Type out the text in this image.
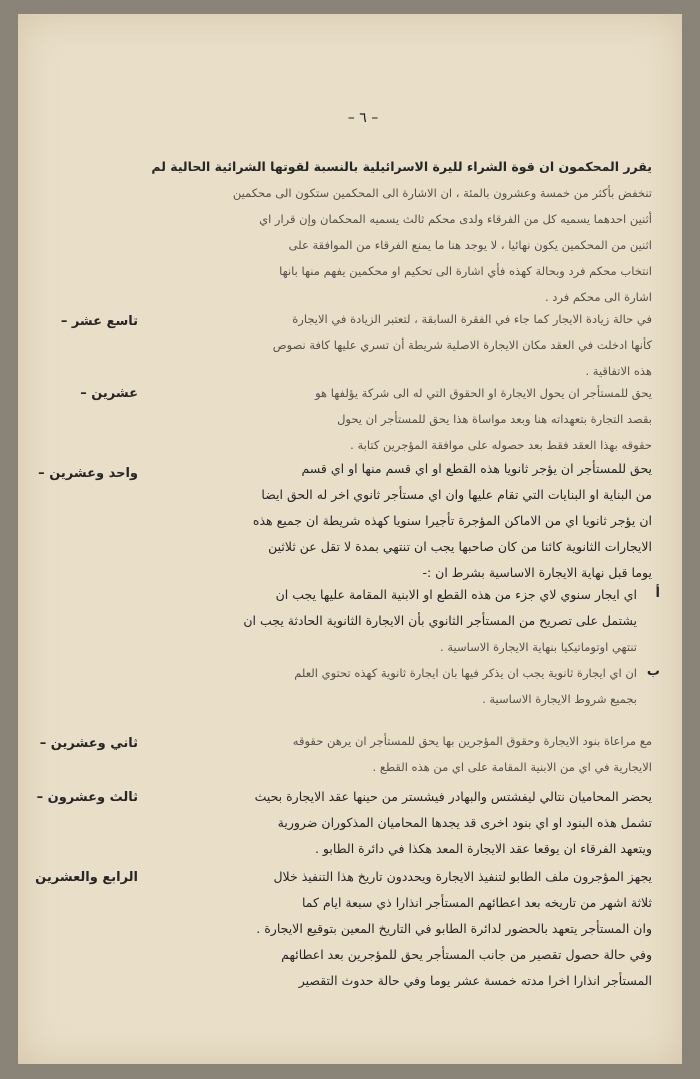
– ٦ –

يقرر المحكمون ان قوة الشراء لليرة الاسرائيلية بالنسبة لقوتها الشرائية الحالية لم

تنخفض بأكثر من خمسة وعشرون بالمئة ، ان الاشارة الى المحكمين ستكون الى محكمين

أثنين احدهما يسميه كل من الفرقاء ولدى محكم ثالث يسميه المحكمان وإن قرار اي

اثنين من المحكمين يكون نهائيا ، لا يوجد هنا ما يمنع الفرقاء من الموافقة على

انتخاب محكم فرد وبحالة كهذه فأي اشارة الى تحكيم او محكمين يفهم منها بانها

اشارة الى محكم فرد .

تاسع عشر –	في حالة زيادة الايجار كما جاء في الفقرة السابقة ، لتعتبر الزيادة في الايجارة

كأنها ادخلت في العقد مكان الايجارة الاصلية شريطة أن تسري عليها كافة نصوص

هذه الاتفاقية .

عشرين –	يحق للمستأجر ان يحول الايجارة او الحقوق التي له الى شركة يؤلفها هو

بقصد التجارة بتعهداته هنا وبعد مواساة هذا يحق للمستأجر ان يحول

حقوقه بهذا العقد فقط بعد حصوله على موافقة المؤجرين كتابة .

واحد وعشرين –	يحق للمستأجر ان يؤجر ثانويا هذه القطع او اي قسم منها او اي قسم

من البناية او البنايات التي تقام عليها وان اي مستأجر ثانوي اخر له الحق ايضا

ان يؤجر ثانويا اي من الاماكن المؤجرة تأجيرا سنويا كهذه شريطة ان جميع هذه

الايجارات الثانوية كائنا من كان صاحبها يجب ان تنتهي بمدة لا تقل عن ثلاثين

يوما قبل نهاية الايجارة الاساسية بشرط ان :-

أ

اي ايجار سنوي لاي جزء من هذه القطع او الابنية المقامة عليها يجب ان

يشتمل على تصريح من المستأجر الثانوي بأن الايجارة الثانوية الحادثة يجب ان

تنتهي اوتوماتيكيا بنهاية الايجارة الاساسية .

ب

ان اي ايجارة ثانوية يجب ان يذكر فيها بان ايجارة ثانوية كهذه تحتوي العلم

بجميع شروط الايجارة الاساسية .

ثاني وعشرين –	مع مراعاة بنود الايجارة وحقوق المؤجرين بها يحق للمستأجر ان يرهن حقوقه

الايجارية في اي من الابنية المقامة على اي من هذه القطع .

ثالث وعشرون –	يحضر المحاميان نتالي ليفشتس والبهادر فيشستر من حينها عقد الايجارة بحيث

تشمل هذه البنود او اي بنود اخرى قد يجدها المحاميان المذكوران ضرورية

ويتعهد الفرقاء ان يوقعا عقد الايجارة المعد هكذا في دائرة الطابو .

الرابع والعشرين	يجهز المؤجرون ملف الطابو لتنفيذ الايجارة ويحددون تاريخ هذا التنفيذ خلال

ثلاثة اشهر من تاريخه بعد اعطائهم المستأجر انذارا ذي سبعة ايام كما

وان المستأجر يتعهد بالحضور لدائرة الطابو في التاريخ المعين بتوقيع الايجارة .

وفي حالة حصول تقصير من جانب المستأجر يحق للمؤجرين بعد اعطائهم

المستأجر انذارا اخرا مدته خمسة عشر يوما وفي حالة حدوث التقصير
